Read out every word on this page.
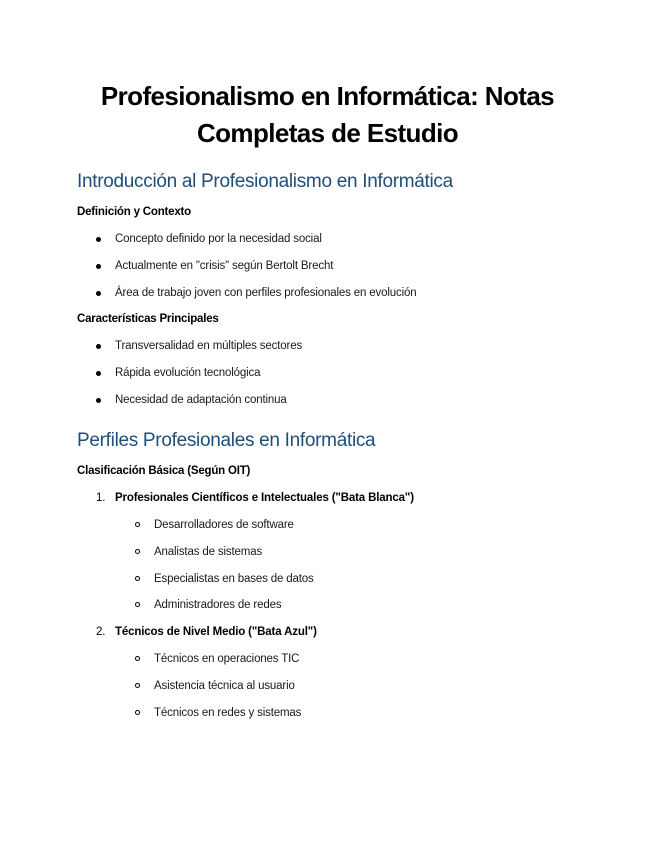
Profesionalismo en Informática: Notas
Completas de Estudio
Introducción al Profesionalismo en Informática
Definición y Contexto
Concepto definido por la necesidad social
Actualmente en "crisis" según Bertolt Brecht
Área de trabajo joven con perfiles profesionales en evolución
Características Principales
Transversalidad en múltiples sectores
Rápida evolución tecnológica
Necesidad de adaptación continua
Perfiles Profesionales en Informática
Clasificación Básica (Según OIT)
1. Profesionales Científicos e Intelectuales ("Bata Blanca")
Desarrolladores de software
Analistas de sistemas
Especialistas en bases de datos
Administradores de redes
2. Técnicos de Nivel Medio ("Bata Azul")
Técnicos en operaciones TIC
Asistencia técnica al usuario
Técnicos en redes y sistemas
